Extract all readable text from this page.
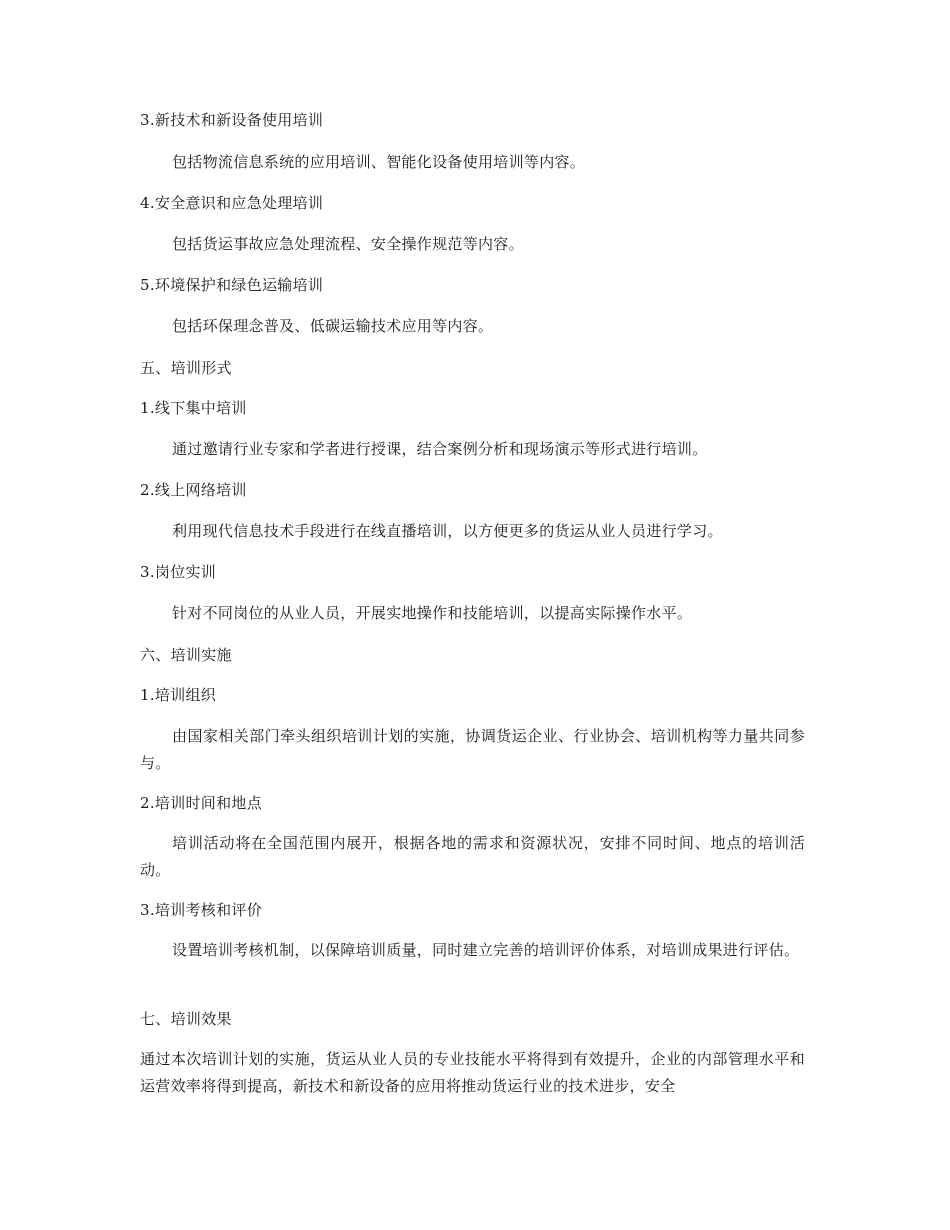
3.新技术和新设备使用培训
包括物流信息系统的应用培训、智能化设备使用培训等内容。
4.安全意识和应急处理培训
包括货运事故应急处理流程、安全操作规范等内容。
5.环境保护和绿色运输培训
包括环保理念普及、低碳运输技术应用等内容。
五、培训形式
1.线下集中培训
通过邀请行业专家和学者进行授课，结合案例分析和现场演示等形式进行培训。
2.线上网络培训
利用现代信息技术手段进行在线直播培训，以方便更多的货运从业人员进行学习。
3.岗位实训
针对不同岗位的从业人员，开展实地操作和技能培训，以提高实际操作水平。
六、培训实施
1.培训组织
由国家相关部门牵头组织培训计划的实施，协调货运企业、行业协会、培训机构等力量共同参与。
2.培训时间和地点
培训活动将在全国范围内展开，根据各地的需求和资源状况，安排不同时间、地点的培训活动。
3.培训考核和评价
设置培训考核机制，以保障培训质量，同时建立完善的培训评价体系，对培训成果进行评估。
七、培训效果
通过本次培训计划的实施，货运从业人员的专业技能水平将得到有效提升，企业的内部管理水平和运营效率将得到提高，新技术和新设备的应用将推动货运行业的技术进步，安全
